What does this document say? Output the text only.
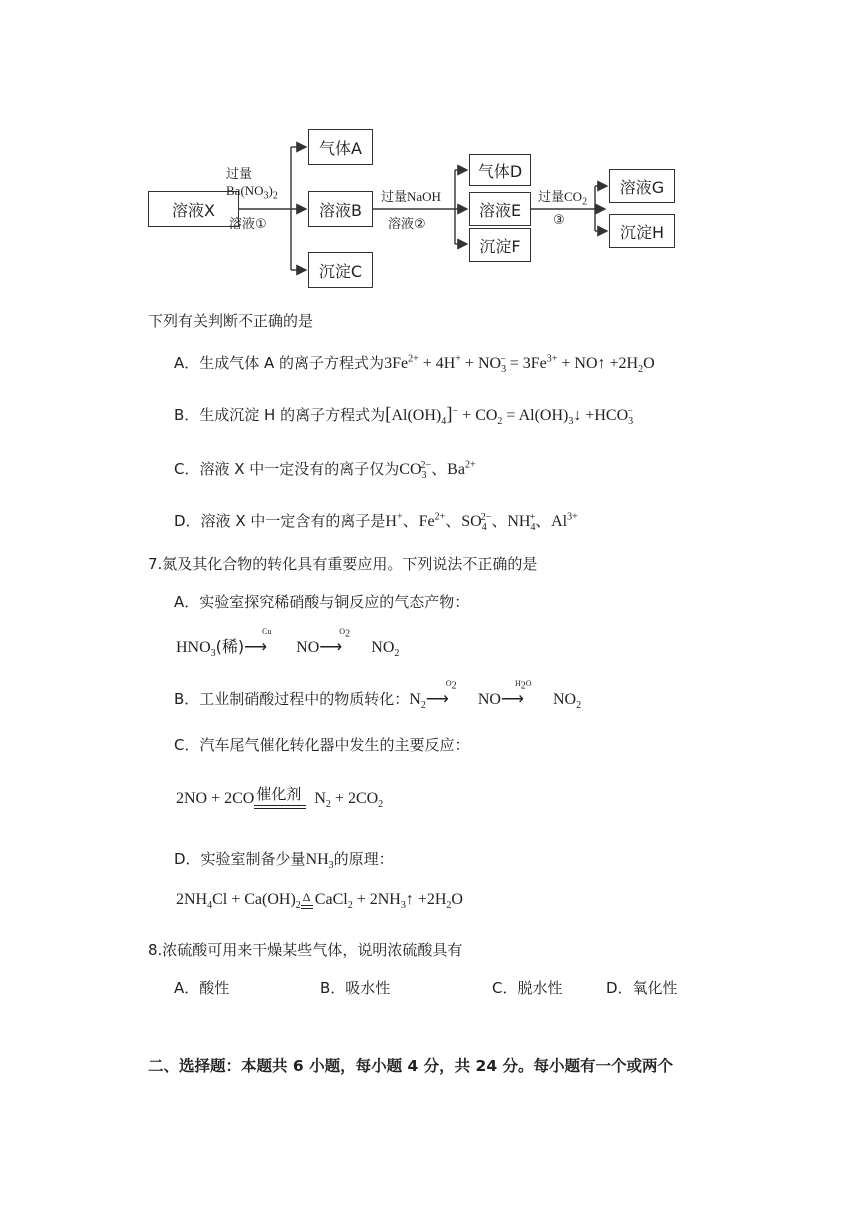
溶液X
气体A
溶液B
沉淀C
气体D
溶液E
沉淀F
溶液G
沉淀H
过量
$Ba(NO_3)_2$
溶液①
过量NaOH
溶液②
过量$CO_2$
③
下列有关判断不正确的是
A．生成气体 A 的离子方程式为$3Fe^{2+} + 4H^+ + NO_3^- = 3Fe^{3+}$ + NO↑ $+2H_2O$
B．生成沉淀 H 的离子方程式为$[Al(OH)_4]^- + CO_2$ = $Al(OH)_3↓ +HCO_3^-$
C．溶液 X 中一定没有的离子仅为$CO_3^{2-}$、$Ba^{2+}$
D．溶液 X 中一定含有的离子是H+、$Fe^{2+}$、$SO_4^{2-}$、$NH_4^+$、$Al^{3+}$
7.氮及其化合物的转化具有重要应用。下列说法不正确的是
A．实验室探究稀硝酸与铜反应的气态产物：
$HNO_3$(稀)
Cu
⟶ NO
$O_2$
⟶ $NO_2$
B．工业制硝酸过程中的物质转化：$N_2$
$O_2$
⟶ NO
$H_2O$
⟶ $NO_2$
C．汽车尾气催化转化器中发生的主要反应：
2NO + 2CO 催化剂 $N_2 + 2CO_2$
D．实验室制备少量$NH_3$的原理：
$2NH_4Cl + Ca(OH)_2$
Δ CaCl$_2$ + $2NH_3↑ +2H_2O$
8.浓硫酸可用来干燥某些气体，说明浓硫酸具有
A．酸性	B．吸水性	C．脱水性	D．氧化性
二、选择题：本题共 6 小题，每小题 4 分，共 24 分。每小题有一个或两个
